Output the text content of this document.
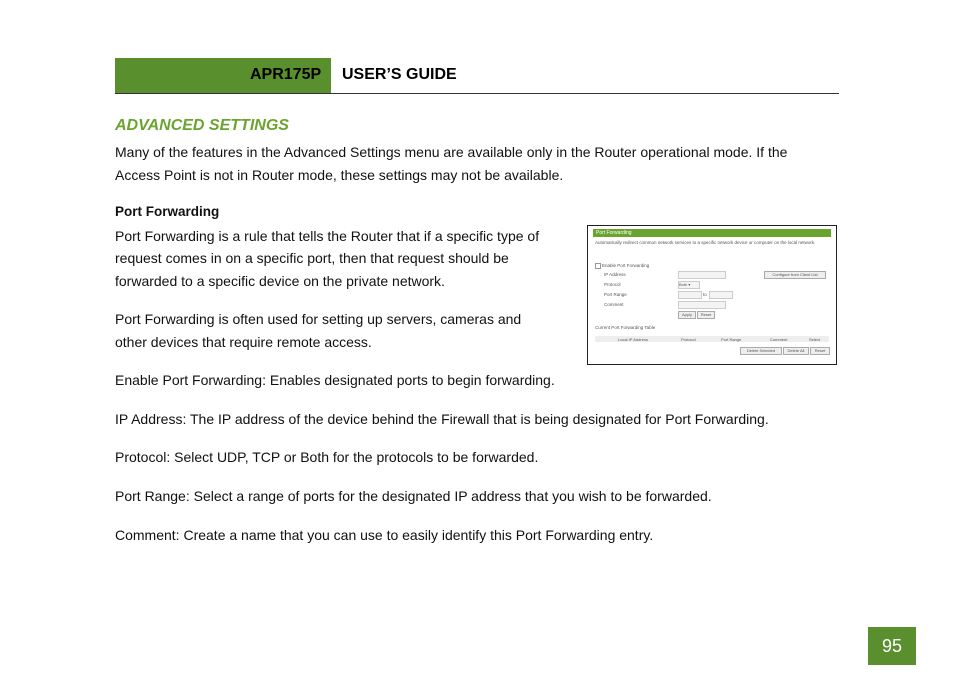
APR175P USER’S GUIDE
ADVANCED SETTINGS
Many of the features in the Advanced Settings menu are available only in the Router operational mode. If the
Access Point is not in Router mode, these settings may not be available.
Port Forwarding
Port Forwarding is a rule that tells the Router that if a specific type of
request comes in on a specific port, then that request should be
forwarded to a specific device on the private network.
Port Forwarding is often used for setting up servers, cameras and
other devices that require remote access.
Enable Port Forwarding: Enables designated ports to begin forwarding.
IP Address: The IP address of the device behind the Firewall that is being designated for Port Forwarding.
Protocol: Select UDP, TCP or Both for the protocols to be forwarded.
Port Range: Select a range of ports for the designated IP address that you wish to be forwarded.
Comment: Create a name that you can use to easily identify this Port Forwarding entry.
Port Forwarding
Automatically redirect common network services to a specific network device or computer on the local network.
Enable Port Forwarding
IP Address	Configure from Client List
Protocol	Both ▾
Port Range	to
Comment
Apply	Reset
Current Port Forwarding Table
Local IP Address	Protocol	Port Range	Comment	Select
Delete Selected	Delete All	Reset
95
